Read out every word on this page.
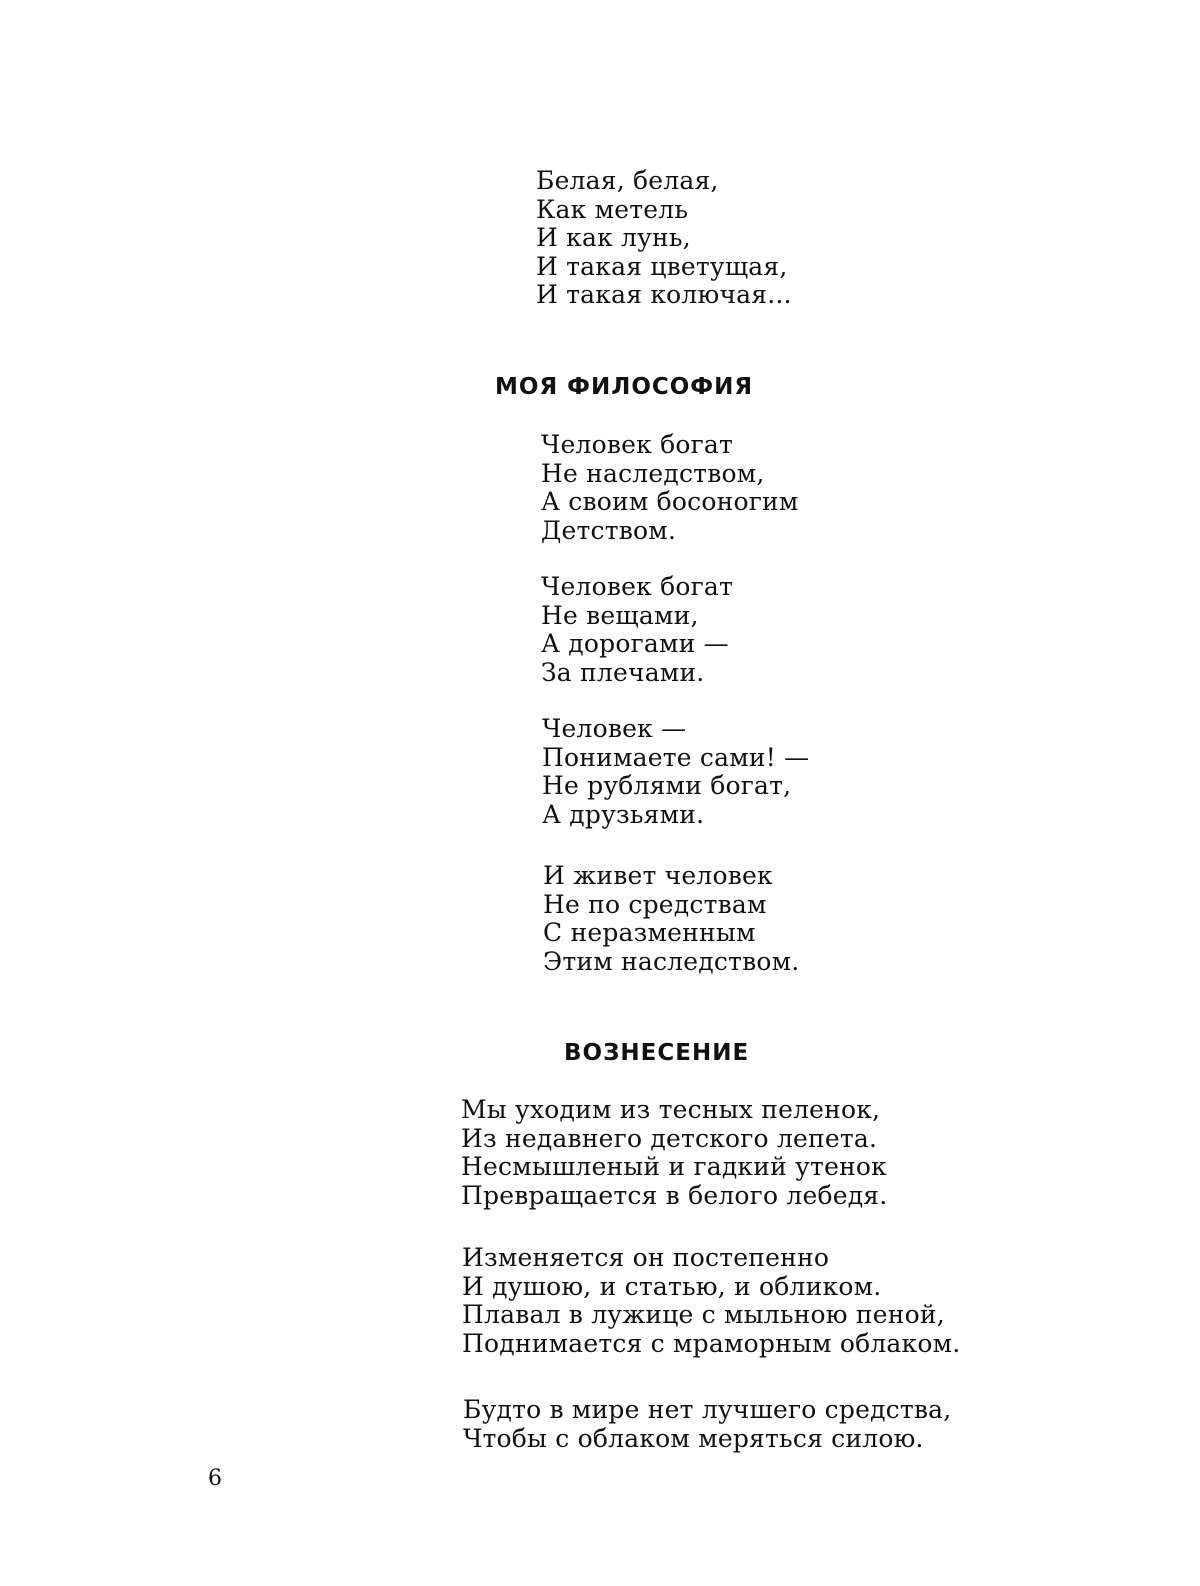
Белая, белая,
Как метель
И как лунь,
И такая цветущая,
И такая колючая...
МОЯ ФИЛОСОФИЯ
Человек богат
Не наследством,
А своим босоногим
Детством.
Человек богат
Не вещами,
А дорогами —
За плечами.
Человек —
Понимаете сами! —
Не рублями богат,
А друзьями.
И живет человек
Не по средствам
С неразменным
Этим наследством.
ВОЗНЕСЕНИЕ
Мы уходим из тесных пеленок,
Из недавнего детского лепета.
Несмышленый и гадкий утенок
Превращается в белого лебедя.
Изменяется он постепенно
И душою, и статью, и обликом.
Плавал в лужице с мыльною пеной,
Поднимается с мраморным облаком.
Будто в мире нет лучшего средства,
Чтобы с облаком меряться силою.
6
